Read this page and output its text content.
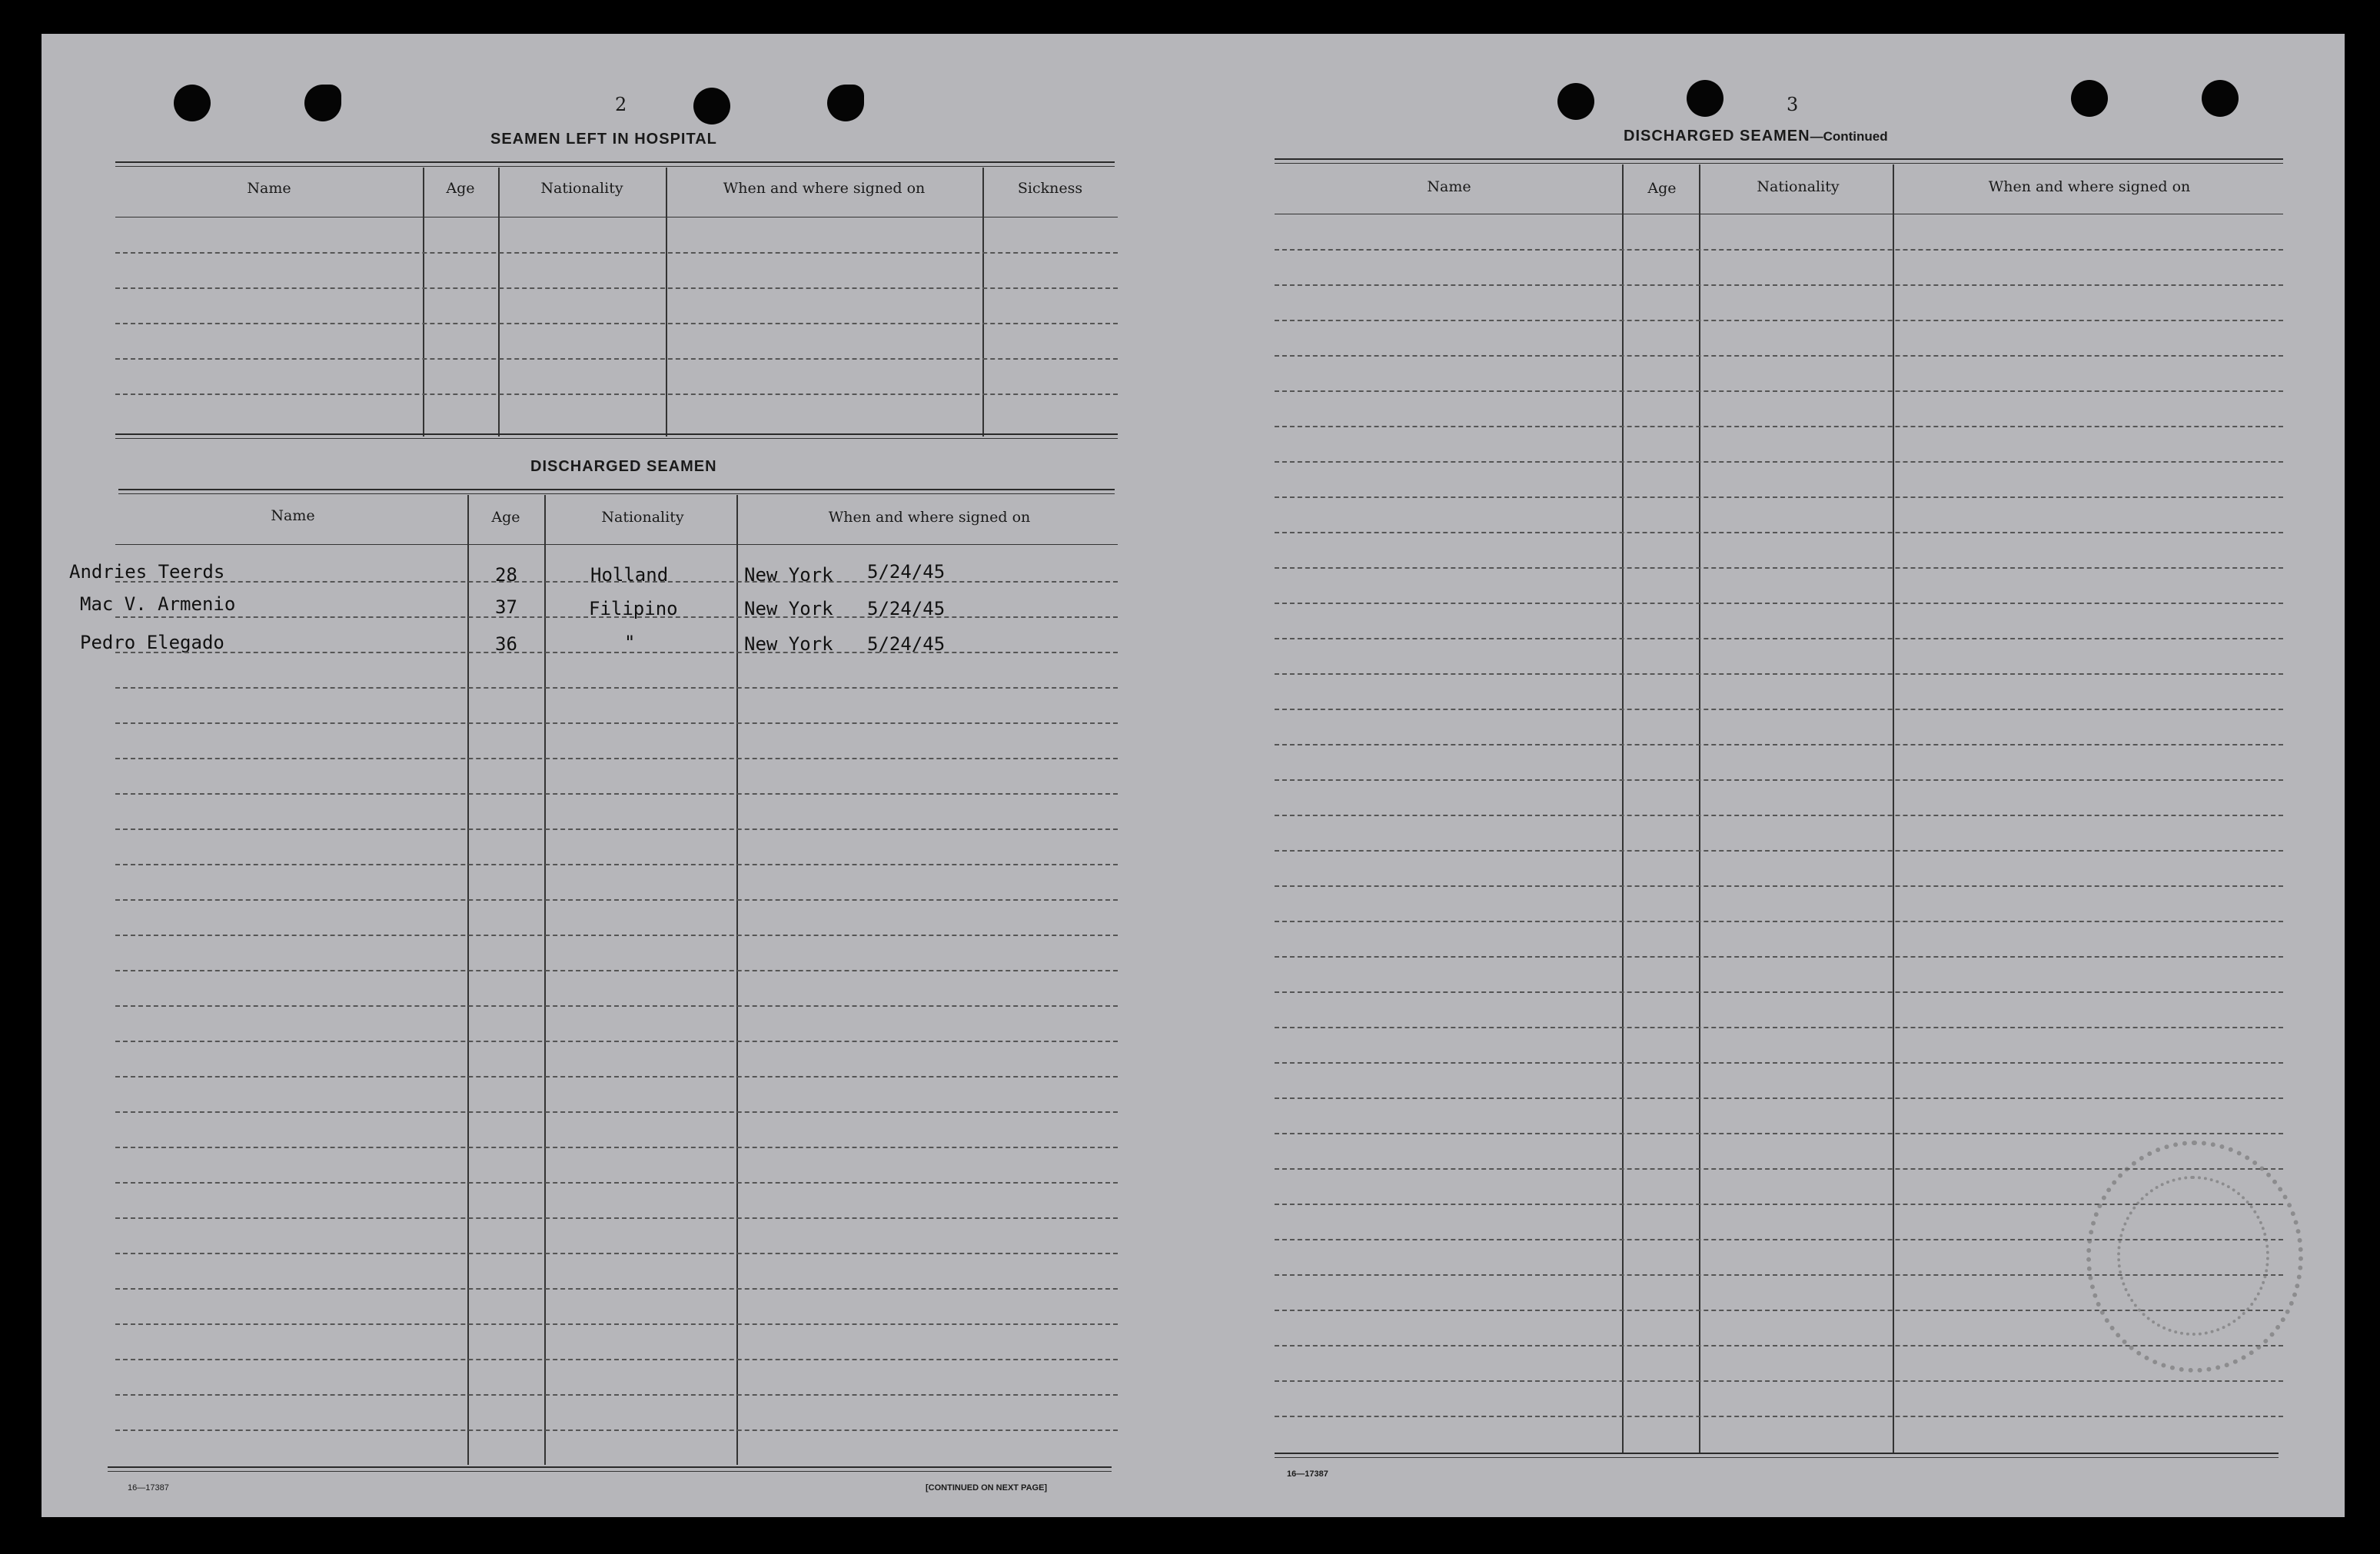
2
SEAMEN LEFT IN HOSPITAL
Name	Age	Nationality	When and where signed on	Sickness
DISCHARGED SEAMEN
Name	Age	Nationality	When and where signed on
Andries Teerds	28	Holland	New York 5/24/45
Mac V. Armenio	37	Filipino	New York 5/24/45
Pedro Elegado	36	"	New York 5/24/45
16—17387	[CONTINUED ON NEXT PAGE]
3
DISCHARGED SEAMEN—Continued
Name	Age	Nationality	When and where signed on
16—17387
